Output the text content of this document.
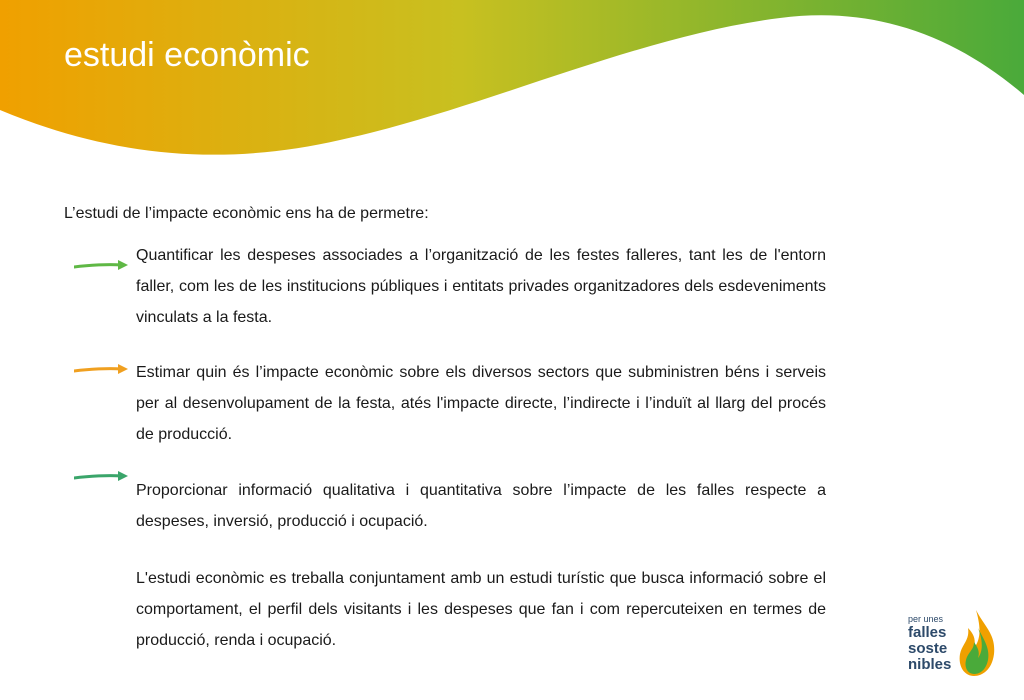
estudi econòmic

L’estudi de l’impacte econòmic ens ha de permetre:

Quantificar les despeses associades a l’organització de les festes falleres, tant les de l'entorn faller, com les de les institucions públiques i entitats privades organitzadores dels esdeveniments vinculats a la festa.

Estimar quin és l’impacte econòmic sobre els diversos sectors que subministren béns i serveis per al desenvolupament de la festa, atés l'impacte directe, l’indirecte i l’induït al llarg del procés de producció.

Proporcionar informació qualitativa i quantitativa sobre l’impacte de les falles respecte a despeses, inversió, producció i ocupació.

L'estudi econòmic es treballa conjuntament amb un estudi turístic que busca informació sobre el comportament, el perfil dels visitants i les despeses que fan i com repercuteixen en termes de producció, renda i ocupació.

per unes
falles
soste
nibles
